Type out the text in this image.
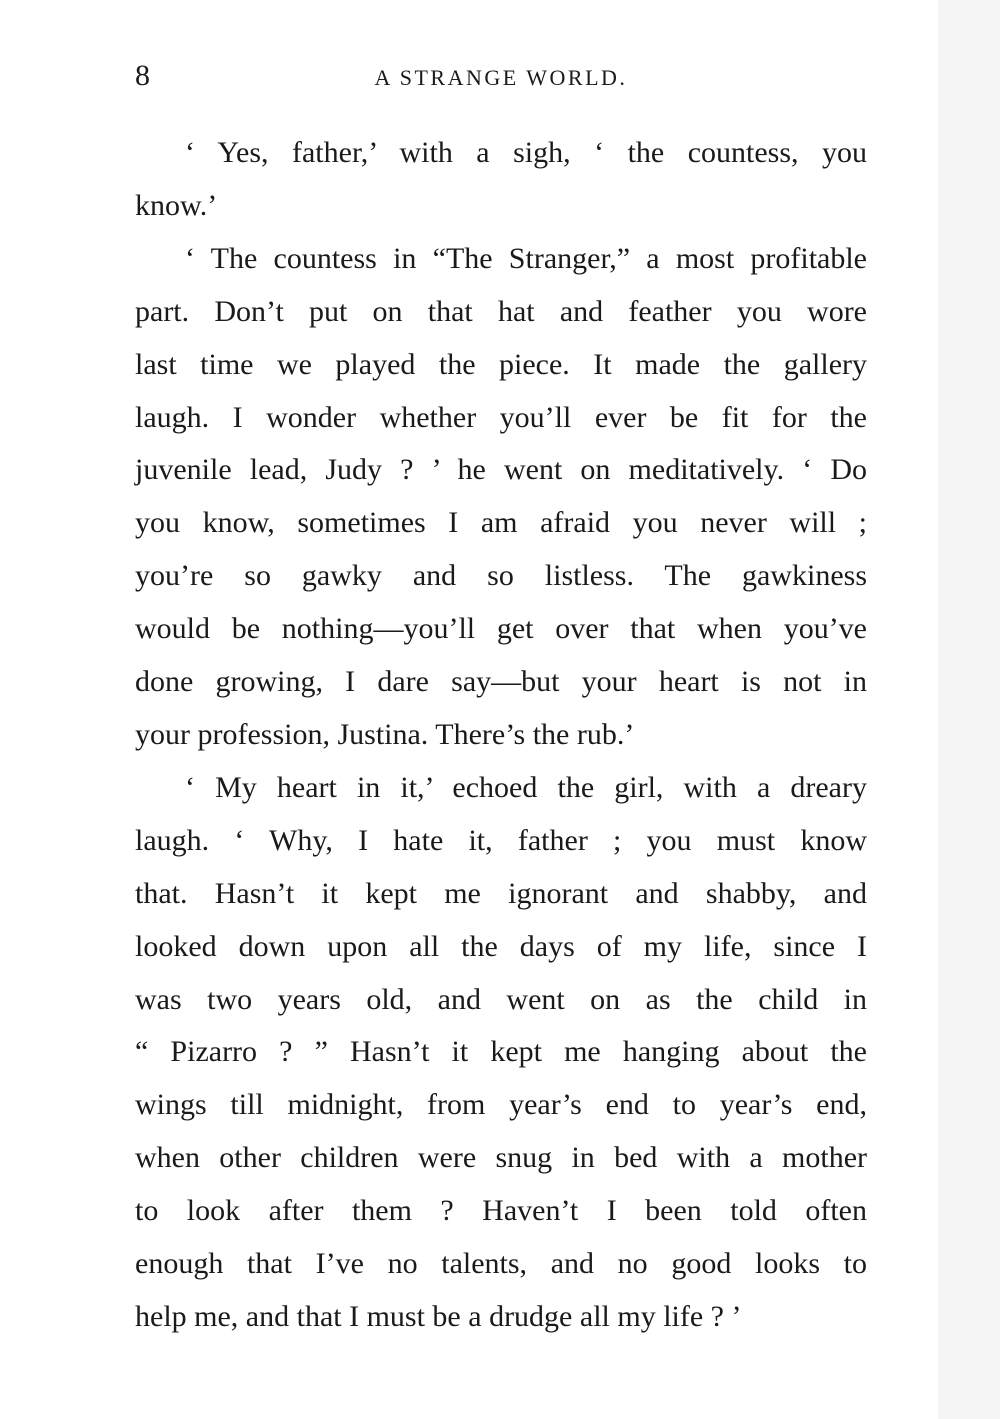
8	A STRANGE WORLD.

‘ Yes, father,’ with a sigh, ‘ the countess, you
know.’

‘ The countess in “The Stranger,” a most profitable
part. Don’t put on that hat and feather you wore
last time we played the piece. It made the gallery
laugh. I wonder whether you’ll ever be fit for the
juvenile lead, Judy ? ’ he went on meditatively. ‘ Do
you know, sometimes I am afraid you never will ;
you’re so gawky and so listless. The gawkiness
would be nothing—you’ll get over that when you’ve
done growing, I dare say—but your heart is not in
your profession, Justina. There’s the rub.’

‘ My heart in it,’ echoed the girl, with a dreary
laugh. ‘ Why, I hate it, father ; you must know
that. Hasn’t it kept me ignorant and shabby, and
looked down upon all the days of my life, since I
was two years old, and went on as the child in
“ Pizarro ? ” Hasn’t it kept me hanging about the
wings till midnight, from year’s end to year’s end,
when other children were snug in bed with a mother
to look after them ? Haven’t I been told often
enough that I’ve no talents, and no good looks to
help me, and that I must be a drudge all my life ? ’
